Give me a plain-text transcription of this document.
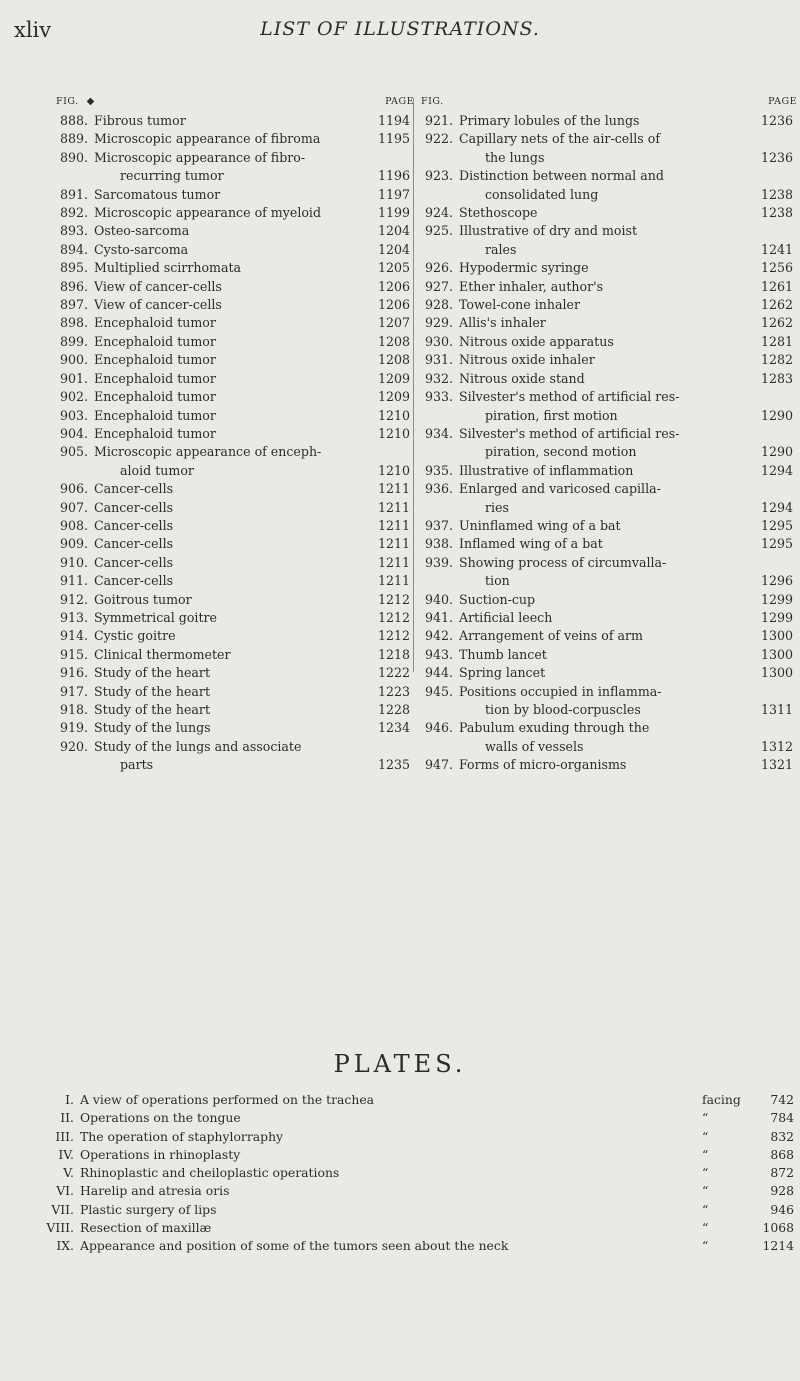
xliv	LIST OF ILLUSTRATIONS.
FIG. ◆	PAGE
888. Fibrous tumor	1194
889. Microscopic appearance of fibroma	1195
890. Microscopic appearance of fibro-
recurring tumor	1196
891. Sarcomatous tumor	1197
892. Microscopic appearance of myeloid	1199
893. Osteo-sarcoma	1204
894. Cysto-sarcoma	1204
895. Multiplied scirrhomata	1205
896. View of cancer-cells	1206
897. View of cancer-cells	1206
898. Encephaloid tumor	1207
899. Encephaloid tumor	1208
900. Encephaloid tumor	1208
901. Encephaloid tumor	1209
902. Encephaloid tumor	1209
903. Encephaloid tumor	1210
904. Encephaloid tumor	1210
905. Microscopic appearance of enceph-
aloid tumor	1210
906. Cancer-cells	1211
907. Cancer-cells	1211
908. Cancer-cells	1211
909. Cancer-cells	1211
910. Cancer-cells	1211
911. Cancer-cells	1211
912. Goitrous tumor	1212
913. Symmetrical goitre	1212
914. Cystic goitre	1212
915. Clinical thermometer	1218
916. Study of the heart	1222
917. Study of the heart	1223
918. Study of the heart	1228
919. Study of the lungs	1234
920. Study of the lungs and associate
parts	1235
FIG.	PAGE
921. Primary lobules of the lungs	1236
922. Capillary nets of the air-cells of
the lungs	1236
923. Distinction between normal and
consolidated lung	1238
924. Stethoscope	1238
925. Illustrative of dry and moist
rales	1241
926. Hypodermic syringe	1256
927. Ether inhaler, author's	1261
928. Towel-cone inhaler	1262
929. Allis's inhaler	1262
930. Nitrous oxide apparatus	1281
931. Nitrous oxide inhaler	1282
932. Nitrous oxide stand	1283
933. Silvester's method of artificial res-
piration, first motion	1290
934. Silvester's method of artificial res-
piration, second motion	1290
935. Illustrative of inflammation	1294
936. Enlarged and varicosed capilla-
ries	1294
937. Uninflamed wing of a bat	1295
938. Inflamed wing of a bat	1295
939. Showing process of circumvalla-
tion	1296
940. Suction-cup	1299
941. Artificial leech	1299
942. Arrangement of veins of arm	1300
943. Thumb lancet	1300
944. Spring lancet	1300
945. Positions occupied in inflamma-
tion by blood-corpuscles	1311
946. Pabulum exuding through the
walls of vessels	1312
947. Forms of micro-organisms	1321
PLATES.
I. A view of operations performed on the trachea	facing	742
II. Operations on the tongue	“	784
III. The operation of staphylorraphy	“	832
IV. Operations in rhinoplasty	“	868
V. Rhinoplastic and cheiloplastic operations	“	872
VI. Harelip and atresia oris	“	928
VII. Plastic surgery of lips	“	946
VIII. Resection of maxillæ	“	1068
IX. Appearance and position of some of the tumors seen about the neck	“	1214
